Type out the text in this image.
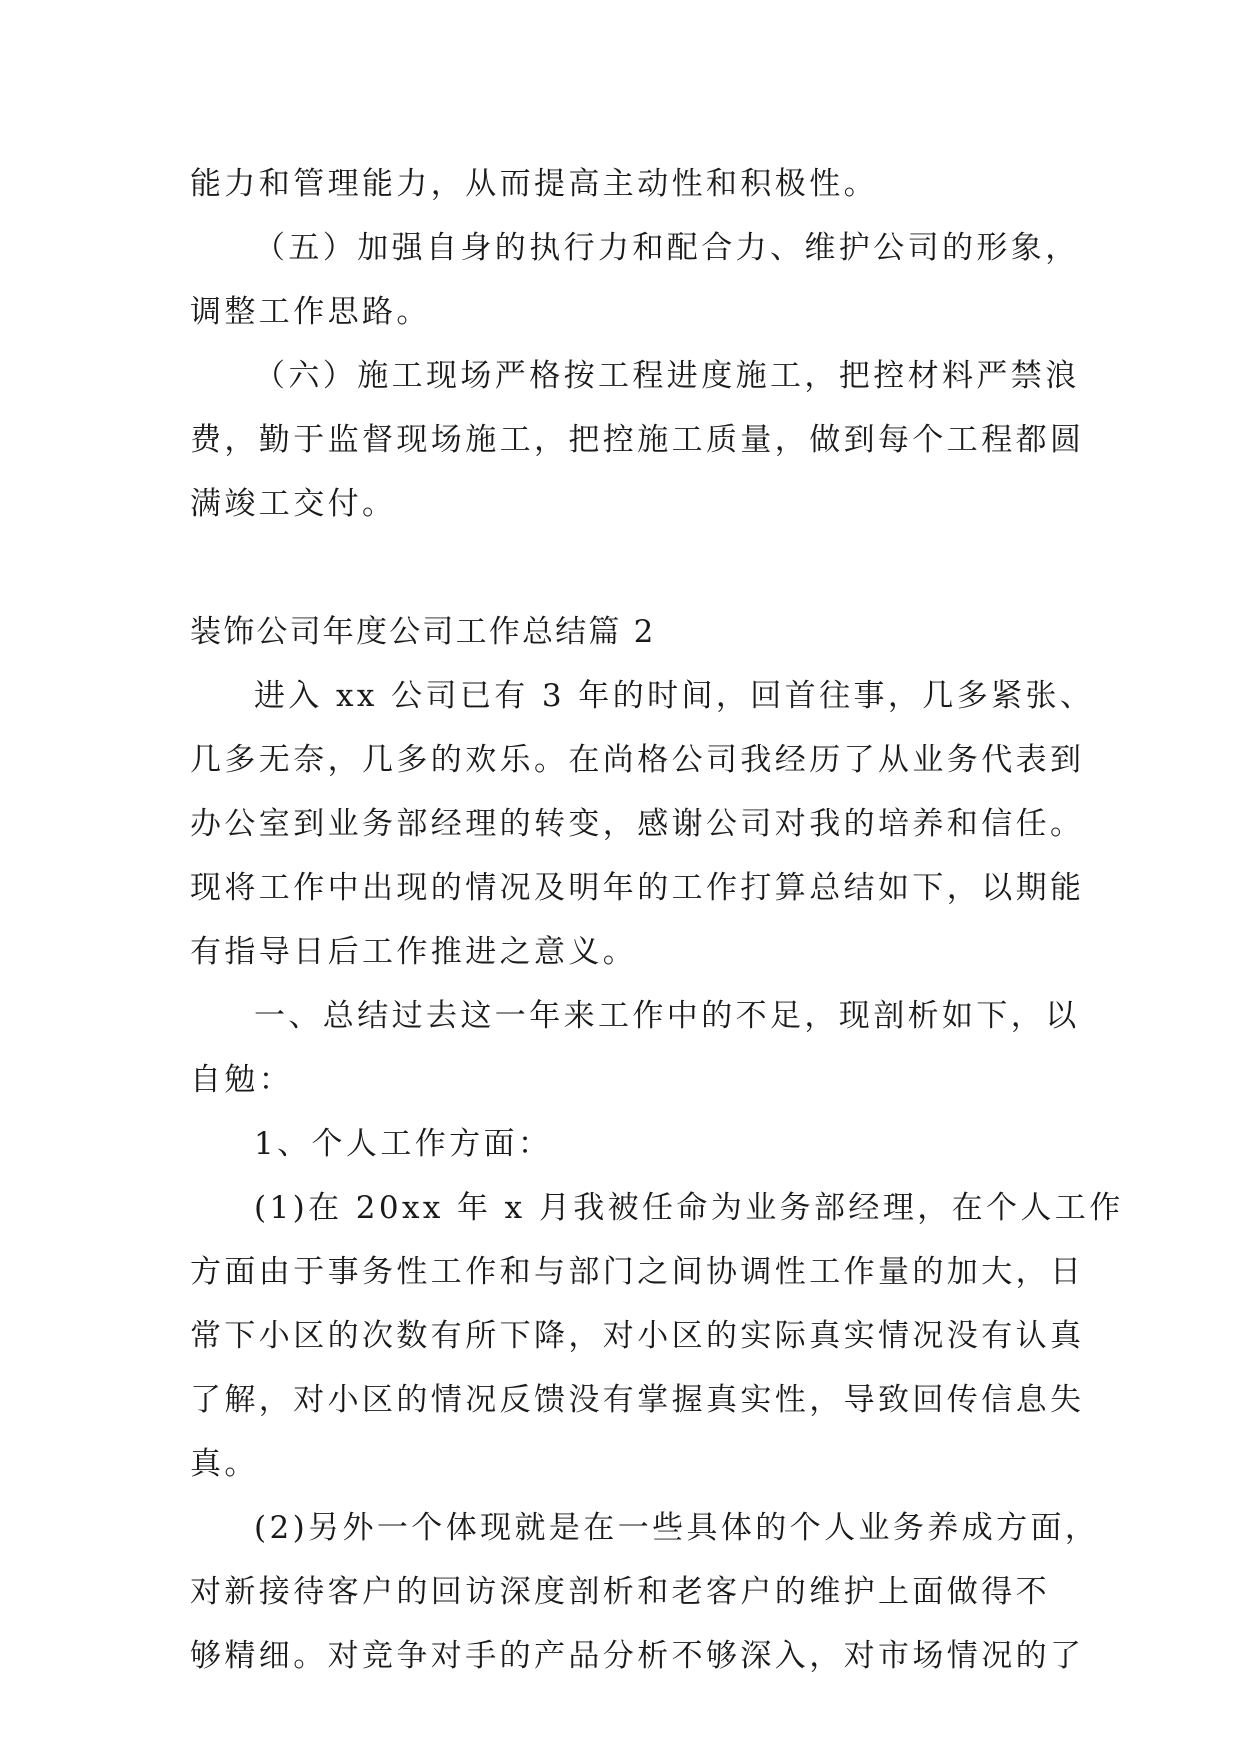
能力和管理能力，从而提高主动性和积极性。
（五）加强自身的执行力和配合力、维护公司的形象，
调整工作思路。
（六）施工现场严格按工程进度施工，把控材料严禁浪
费，勤于监督现场施工，把控施工质量，做到每个工程都圆
满竣工交付。
装饰公司年度公司工作总结篇 2
进入 xx 公司已有 3 年的时间，回首往事，几多紧张、
几多无奈，几多的欢乐。在尚格公司我经历了从业务代表到
办公室到业务部经理的转变，感谢公司对我的培养和信任。
现将工作中出现的情况及明年的工作打算总结如下，以期能
有指导日后工作推进之意义。
一、总结过去这一年来工作中的不足，现剖析如下，以
自勉：
1、个人工作方面：
(1)在 20xx 年 x 月我被任命为业务部经理，在个人工作
方面由于事务性工作和与部门之间协调性工作量的加大，日
常下小区的次数有所下降，对小区的实际真实情况没有认真
了解，对小区的情况反馈没有掌握真实性，导致回传信息失
真。
(2)另外一个体现就是在一些具体的个人业务养成方面，
对新接待客户的回访深度剖析和老客户的维护上面做得不
够精细。对竞争对手的产品分析不够深入，对市场情况的了
